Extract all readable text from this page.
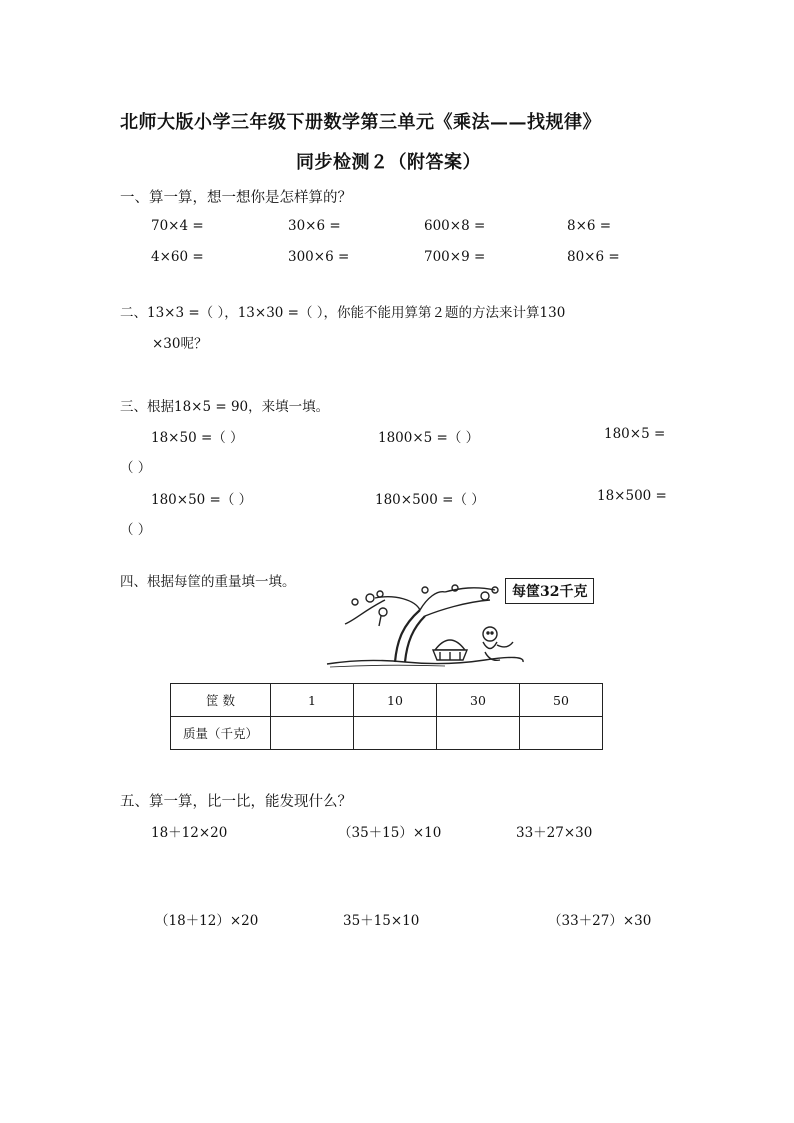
北师大版小学三年级下册数学第三单元《乘法——找规律》
同步检测２（附答案）
一、算一算，想一想你是怎样算的？
70×4 =	30×6 =	600×8 =	8×6 =
4×60 =	300×6 =	700×9 =	80×6 =
二、13×3 =（ ），13×30 =（ ），你能不能用算第２题的方法来计算130
×30呢？
三、根据18×5 = 90，来填一填。
18×50 =（ ）	1800×5 =（ ）	180×5 =
（ ）
180×50 =（ ）	180×500 =（ ）	18×500 =
（ ）
四、根据每筐的重量填一填。
每筐32千克
筐 数	1	10	30	50
质量（千克）				
五、算一算，比一比，能发现什么？
18＋12×20	（35＋15）×10	33＋27×30
（18＋12）×20	35＋15×10	（33＋27）×30
